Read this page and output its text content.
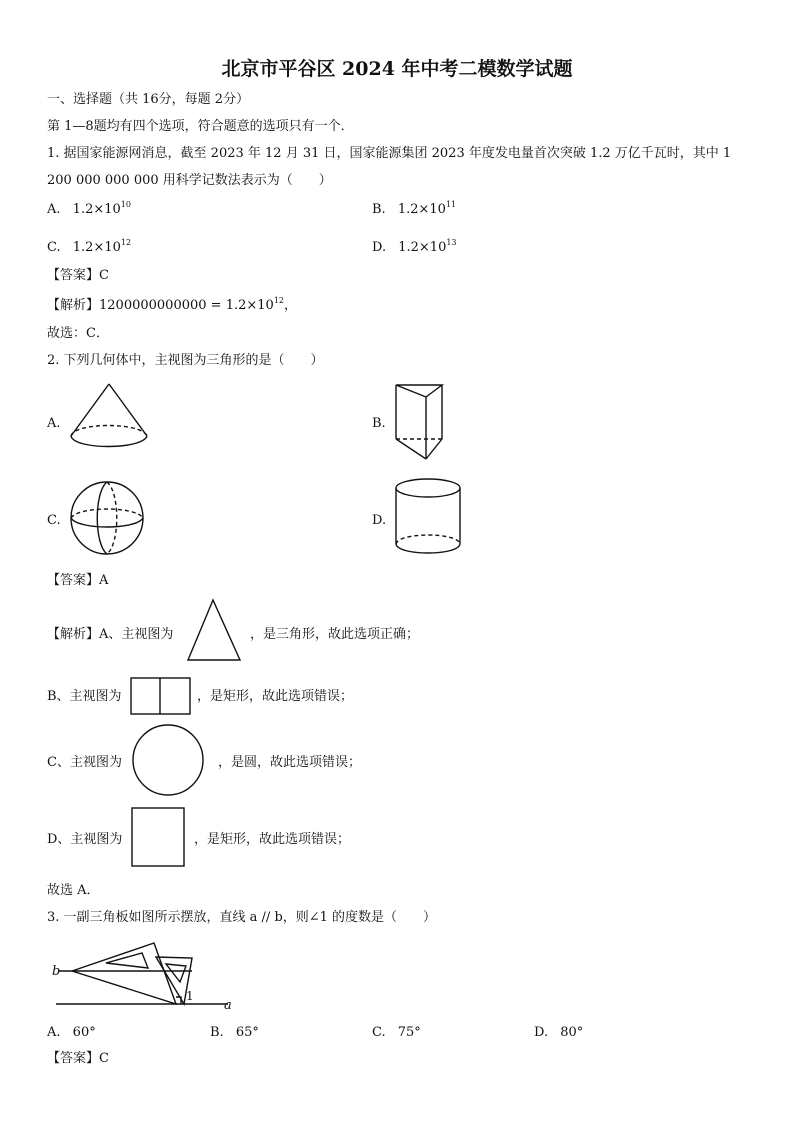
北京市平谷区 2024 年中考二模数学试题
一、选择题（共 16分，每题 2分）
第 1—8题均有四个选项，符合题意的选项只有一个．
1. 据国家能源网消息，截至 2023 年 12 月 31 日，国家能源集团 2023 年度发电量首次突破 1.2 万亿千瓦时，其中 1
200 000 000 000 用科学记数法表示为（　　）
A. $1.2\times 10^{10}$	B. $1.2\times 10^{11}$
C. $1.2\times 10^{12}$	D. $1.2\times 10^{13}$
【答案】C
【解析】$1200000000000 = 1.2\times 10^{12}$，
故选：C．
2. 下列几何体中，主视图为三角形的是（　　）
A.	B.
C.	D.
【答案】A
【解析】A、主视图为	，是三角形，故此选项正确；
B、主视图为	，是矩形，故此选项错误；
C、主视图为	，是圆，故此选项错误；
D、主视图为	，是矩形，故此选项错误；
故选 A．
3. 一副三角板如图所示摆放，直线 a // b，则∠1 的度数是（　　）
b
a
1
A. 60°	B. 65°	C. 75°	D. 80°
【答案】C
